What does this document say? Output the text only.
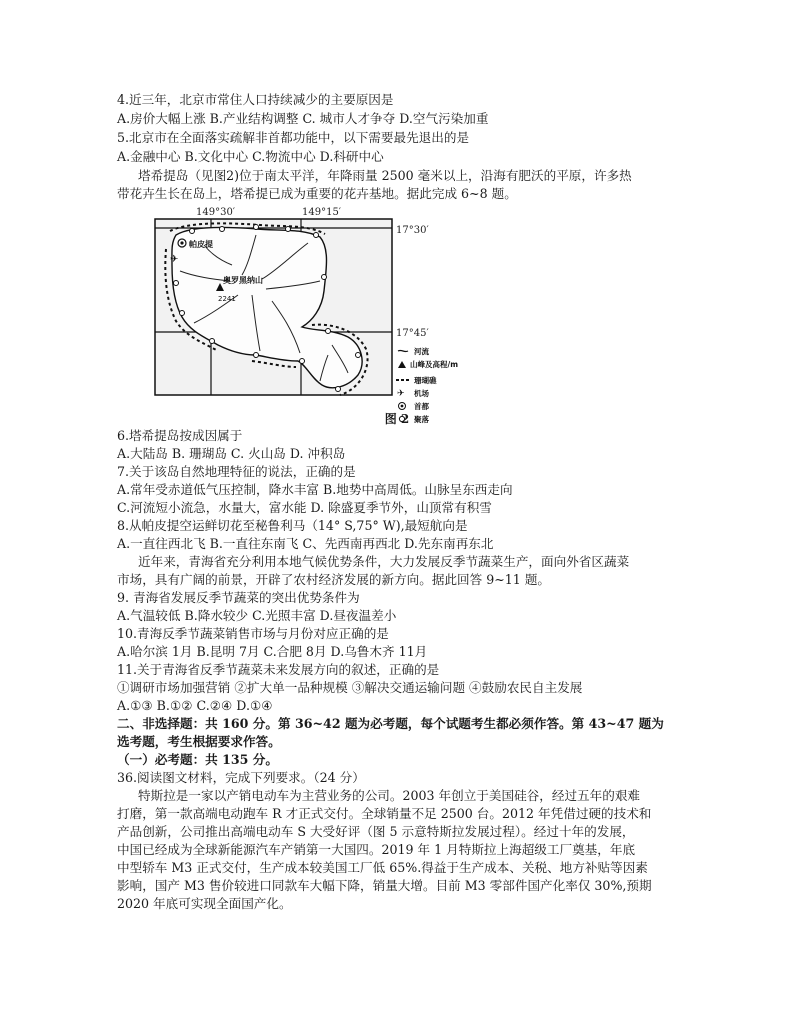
4.近三年，北京市常住人口持续减少的主要原因是
A.房价大幅上涨 B.产业结构调整 C. 城市人才争夺 D.空气污染加重
5.北京市在全面落实疏解非首都功能中，以下需要最先退出的是
A.金融中心 B.文化中心 C.物流中心 D.科研中心
塔希提岛（见图2)位于南太平洋，年降雨量 2500 毫米以上，沿海有肥沃的平原，许多热
带花卉生长在岛上，塔希提已成为重要的花卉基地。据此完成 6~8 题。
149°30′	149°15′
17°30′
17°45′
帕皮提
✈
奥罗黑纳山
2241
河流
山峰及高程/m
珊瑚礁
✈ 机场
首都
聚落
图 2
6.塔希提岛按成因属于
A.大陆岛 B. 珊瑚岛 C. 火山岛 D. 冲积岛
7.关于该岛自然地理特征的说法，正确的是
A.常年受赤道低气压控制，降水丰富 B.地势中高周低。山脉呈东西走向
C.河流短小流急，水量大，富水能 D. 除盛夏季节外，山顶常有积雪
8.从帕皮提空运鲜切花至秘鲁利马（14° S,75° W),最短航向是
A.一直往西北飞 B.一直往东南飞 C、先西南再西北 D.先东南再东北
近年来，青海省充分利用本地气候优势条件，大力发展反季节蔬菜生产，面向外省区蔬菜
市场，具有广阔的前景，开辟了农村经济发展的新方向。据此回答 9~11 题。
9. 青海省发展反季节蔬菜的突出优势条件为
A.气温较低 B.降水较少 C.光照丰富 D.昼夜温差小
10.青海反季节蔬菜销售市场与月份对应正确的是
A.哈尔滨 1月 B.昆明 7月 C.合肥 8月 D.乌鲁木齐 11月
11.关于青海省反季节蔬菜未来发展方向的叙述，正确的是
①调研市场加强营销 ②扩大单一品种规模 ③解决交通运输问题 ④鼓励农民自主发展
A.①③ B.①② C.②④ D.①④
二、非选择题：共 160 分。第 36~42 题为必考题，每个试题考生都必须作答。第 43~47 题为
选考题，考生根据要求作答。
（一）必考题：共 135 分。
36.阅读图文材料，完成下列要求。（24 分）
特斯拉是一家以产销电动车为主营业务的公司。2003 年创立于美国硅谷，经过五年的艰难
打磨，第一款高端电动跑车 R 才正式交付。全球销量不足 2500 台。2012 年凭借过硬的技术和
产品创新，公司推出高端电动车 S 大受好评（图 5 示意特斯拉发展过程）。经过十年的发展，
中国已经成为全球新能源汽车产销第一大国四。2019 年 1 月特斯拉上海超级工厂奠基，年底
中型轿车 M3 正式交付，生产成本较美国工厂低 65%.得益于生产成本、关税、地方补贴等因素
影响，国产 M3 售价较进口同款车大幅下降，销量大增。目前 M3 零部件国产化率仅 30%,预期
2020 年底可实现全面国产化。
